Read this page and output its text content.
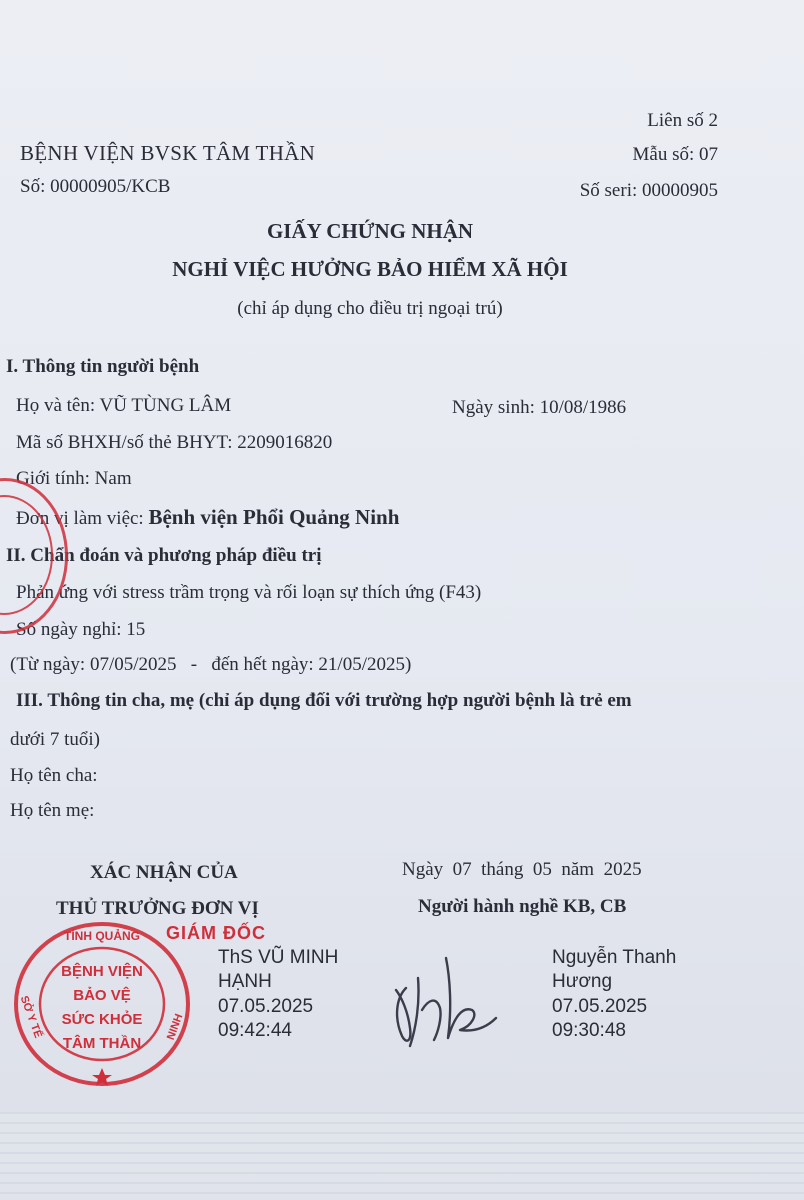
Liên số 2
BỆNH VIỆN BVSK TÂM THẦN	Mẫu số: 07
Số: 00000905/KCB	Số seri: 00000905
GIẤY CHỨNG NHẬN
NGHỈ VIỆC HƯỞNG BẢO HIỂM XÃ HỘI
(chỉ áp dụng cho điều trị ngoại trú)
I. Thông tin người bệnh
Họ và tên: VŨ TÙNG LÂM	Ngày sinh: 10/08/1986
Mã số BHXH/số thẻ BHYT: 2209016820
Giới tính: Nam
Đơn vị làm việc: Bệnh viện Phổi Quảng Ninh
II. Chẩn đoán và phương pháp điều trị
Phản ứng với stress trầm trọng và rối loạn sự thích ứng (F43)
Số ngày nghỉ: 15
(Từ ngày: 07/05/2025   -   đến hết ngày: 21/05/2025)
III. Thông tin cha, mẹ (chỉ áp dụng đối với trường hợp người bệnh là trẻ em
dưới 7 tuổi)
Họ tên cha:
Họ tên mẹ:
XÁC NHẬN CỦA
THỦ TRƯỞNG ĐƠN VỊ
Ngày  07  tháng  05  năm  2025
Người hành nghề KB, CB
GIÁM ĐỐC
ThS VŨ MINH
HẠNH
07.05.2025
09:42:44
Nguyễn Thanh
Hương
07.05.2025
09:30:48
TỈNH QUẢNG
NINH
SỞ Y TẾ
BỆNH VIỆN
BẢO VỆ
SỨC KHỎE
TÂM THẦN
